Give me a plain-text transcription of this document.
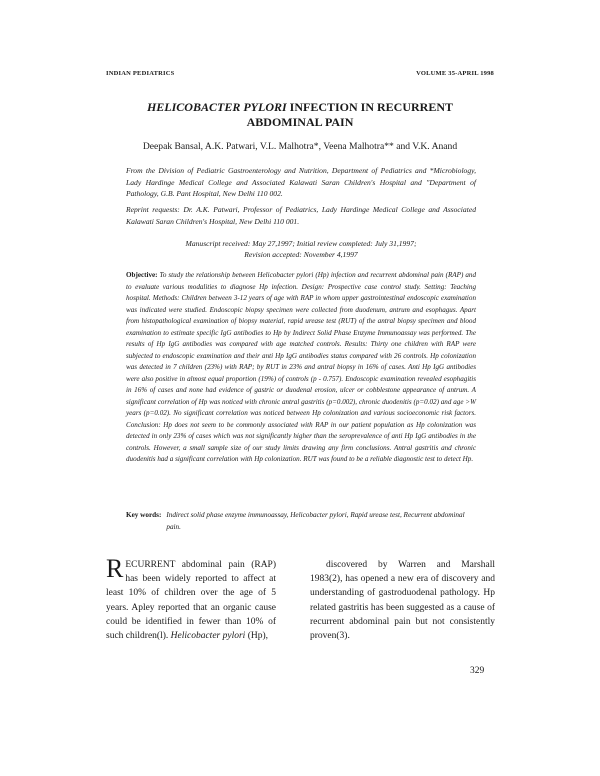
INDIAN PEDIATRICS	VOLUME 35-APRIL 1998
HELICOBACTER PYLORI INFECTION IN RECURRENT
ABDOMINAL PAIN
Deepak Bansal, A.K. Patwari, V.L. Malhotra*, Veena Malhotra** and V.K. Anand
From the Division of Pediatric Gastroenterology and Nutrition, Department of Pediatrics and *Microbiology, Lady Hardinge Medical College and Associated Kalawati Saran Children's Hospital and "Department of Pathology, G.B. Pant Hospital, New Delhi 110 002.
Reprint requests: Dr. A.K. Patwari, Professor of Pediatrics, Lady Hardinge Medical College and Associated Kalawati Saran Children's Hospital, New Delhi 110 001.
Manuscript received: May 27,1997; Initial review completed: July 31,1997;
Revision accepted: November 4,1997
Objective: To study the relationship between Helicobacter pylori (Hp) infection and recurrent abdominal pain (RAP) and to evaluate various modalities to diagnose Hp infection. Design: Prospective case control study. Setting: Teaching hospital. Methods: Children between 3-12 years of age with RAP in whom upper gastrointestinal endoscopic examination was indicated were studied. Endoscopic biopsy specimen were collected from duodenum, antrum and esophagus. Apart from histopathological examination of biopsy material, rapid urease test (RUT) of the antral biopsy specimen and blood examination to estimate specific IgG antibodies to Hp by Indirect Solid Phase Enzyme Immunoassay was performed. The results of Hp IgG antibodies was compared with age matched controls. Results: Thirty one children with RAP were subjected to endoscopic examination and their anti Hp IgG antibodies status compared with 26 controls. Hp colonization was detected in 7 children (23%) with RAP; by RUT in 23% and antral biopsy in 16% of cases. Anti Hp IgG antibodies were also positive in almost equal proportion (19%) of controls (p - 0.757). Endoscopic examination revealed esophagitis in 16% of cases and none had evidence of gastric or duodenal erosion, ulcer or cobblestone appearance of antrum. A significant correlation of Hp was noticed with chronic antral gastritis (p=0.002), chronic duodenitis (p=0.02) and age >W years (p=0.02). No significant correlation was noticed between Hp colonization and various socioeconomic risk factors. Conclusion: Hp does not seem to be commonly associated with RAP in our patient population as Hp colonization was detected in only 23% of cases which was not significantly higher than the seroprevalence of anti Hp IgG antibodies in the controls. However, a small sample size of our study limits drawing any firm conclusions. Antral gastritis and chronic duodenitis had a significant correlation with Hp colonization. RUT was found to be a reliable diagnostic test to detect Hp.
Key words: Indirect solid phase enzyme immunoassay, Helicobacter pylori, Rapid urease test, Recurrent abdominal pain.
RECURRENT abdominal pain (RAP) has been widely reported to affect at least 10% of children over the age of 5 years. Apley reported that an organic cause could be identified in fewer than 10% of such children(l). Helicobacter pylori (Hp),
discovered by Warren and Marshall 1983(2), has opened a new era of discovery and understanding of gastroduodenal pathology. Hp related gastritis has been suggested as a cause of recurrent abdominal pain but not consistently proven(3).
329
